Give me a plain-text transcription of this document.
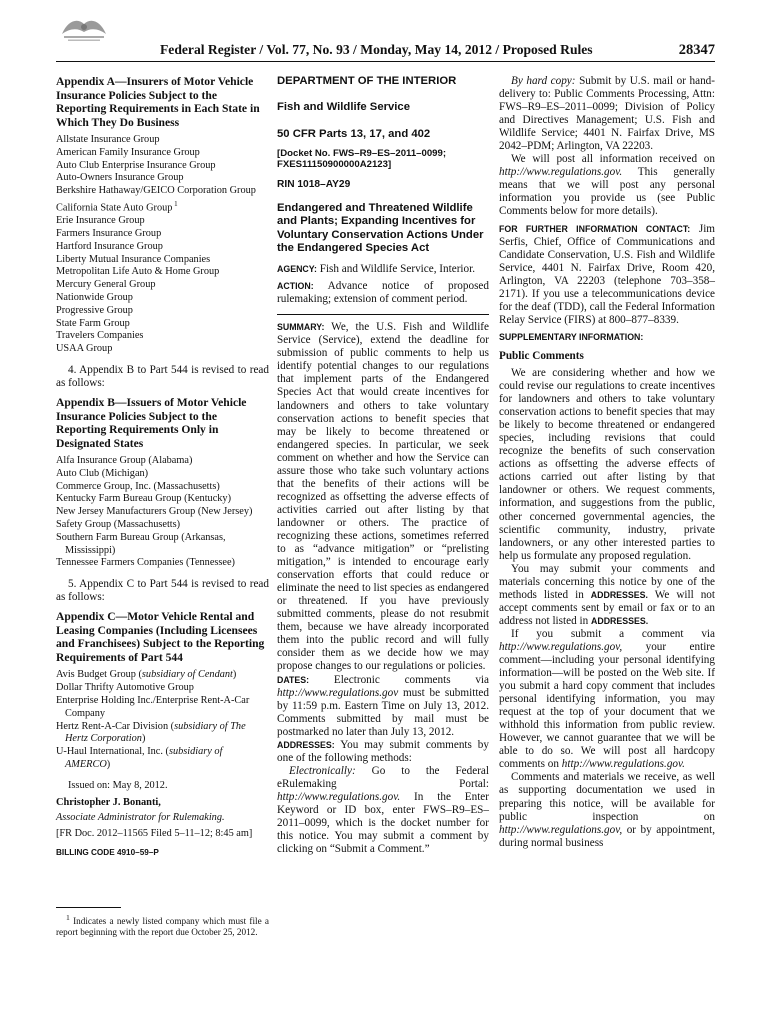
Federal Register / Vol. 77, No. 93 / Monday, May 14, 2012 / Proposed Rules	28347
Appendix A—Insurers of Motor Vehicle Insurance Policies Subject to the Reporting Requirements in Each State in Which They Do Business
Allstate Insurance Group
American Family Insurance Group
Auto Club Enterprise Insurance Group
Auto-Owners Insurance Group
Berkshire Hathaway/GEICO Corporation Group
California State Auto Group $^1$
Erie Insurance Group
Farmers Insurance Group
Hartford Insurance Group
Liberty Mutual Insurance Companies
Metropolitan Life Auto & Home Group
Mercury General Group
Nationwide Group
Progressive Group
State Farm Group
Travelers Companies
USAA Group

4. Appendix B to Part 544 is revised to read as follows:

Appendix B—Issuers of Motor Vehicle Insurance Policies Subject to the Reporting Requirements Only in Designated States
Alfa Insurance Group (Alabama)
Auto Club (Michigan)
Commerce Group, Inc. (Massachusetts)
Kentucky Farm Bureau Group (Kentucky)
New Jersey Manufacturers Group (New Jersey)
Safety Group (Massachusetts)
Southern Farm Bureau Group (Arkansas, Mississippi)
Tennessee Farmers Companies (Tennessee)

5. Appendix C to Part 544 is revised to read as follows:

Appendix C—Motor Vehicle Rental and Leasing Companies (Including Licensees and Franchisees) Subject to the Reporting Requirements of Part 544
Avis Budget Group (subsidiary of Cendant)
Dollar Thrifty Automotive Group
Enterprise Holding Inc./Enterprise Rent-A-Car Company
Hertz Rent-A-Car Division (subsidiary of The Hertz Corporation)
U-Haul International, Inc. (subsidiary of AMERCO)

Issued on: May 8, 2012.

Christopher J. Bonanti,
Associate Administrator for Rulemaking.
[FR Doc. 2012–11565 Filed 5–11–12; 8:45 am]
BILLING CODE 4910–59–P

$^1$ Indicates a newly listed company which must file a report beginning with the report due October 25, 2012.

DEPARTMENT OF THE INTERIOR
Fish and Wildlife Service
50 CFR Parts 13, 17, and 402
[Docket No. FWS–R9–ES–2011–0099; FXES11150900000A2123]
RIN 1018–AY29
Endangered and Threatened Wildlife and Plants; Expanding Incentives for Voluntary Conservation Actions Under the Endangered Species Act

AGENCY: Fish and Wildlife Service, Interior.

ACTION: Advance notice of proposed rulemaking; extension of comment period.

SUMMARY: We, the U.S. Fish and Wildlife Service (Service), extend the deadline for submission of public comments to help us identify potential changes to our regulations that implement parts of the Endangered Species Act that would create incentives for landowners and others to take voluntary conservation actions to benefit species that may be likely to become threatened or endangered species. In particular, we seek comment on whether and how the Service can assure those who take such voluntary actions that the benefits of their actions will be recognized as offsetting the adverse effects of activities carried out after listing by that landowner or others. The practice of recognizing these actions, sometimes referred to as “advance mitigation” or “prelisting mitigation,” is intended to encourage early conservation efforts that could reduce or eliminate the need to list species as endangered or threatened. If you have previously submitted comments, please do not resubmit them, because we have already incorporated them into the public record and will fully consider them as we decide how we may propose changes to our regulations or policies.

DATES: Electronic comments via http://www.regulations.gov must be submitted by 11:59 p.m. Eastern Time on July 13, 2012. Comments submitted by mail must be postmarked no later than July 13, 2012.

ADDRESSES: You may submit comments by one of the following methods:

Electronically: Go to the Federal eRulemaking Portal: http://www.regulations.gov. In the Enter Keyword or ID box, enter FWS–R9–ES–2011–0099, which is the docket number for this notice. You may submit a comment by clicking on “Submit a Comment.”

By hard copy: Submit by U.S. mail or hand-delivery to: Public Comments Processing, Attn: FWS–R9–ES–2011–0099; Division of Policy and Directives Management; U.S. Fish and Wildlife Service; 4401 N. Fairfax Drive, MS 2042–PDM; Arlington, VA 22203.

We will post all information received on http://www.regulations.gov. This generally means that we will post any personal information you provide us (see Public Comments below for more details).

FOR FURTHER INFORMATION CONTACT: Jim Serfis, Chief, Office of Communications and Candidate Conservation, U.S. Fish and Wildlife Service, 4401 N. Fairfax Drive, Room 420, Arlington, VA 22203 (telephone 703–358–2171). If you use a telecommunications device for the deaf (TDD), call the Federal Information Relay Service (FIRS) at 800–877–8339.

SUPPLEMENTARY INFORMATION:
Public Comments

We are considering whether and how we could revise our regulations to create incentives for landowners and others to take voluntary conservation actions to benefit species that may be likely to become threatened or endangered species, including revisions that could recognize the benefits of such conservation actions as offsetting the adverse effects of actions carried out after listing by that landowner or others. We request comments, information, and suggestions from the public, other concerned governmental agencies, the scientific community, industry, private landowners, or any other interested parties to help us formulate any proposed regulation.

You may submit your comments and materials concerning this notice by one of the methods listed in ADDRESSES. We will not accept comments sent by email or fax or to an address not listed in ADDRESSES.

If you submit a comment via http://www.regulations.gov, your entire comment—including your personal identifying information—will be posted on the Web site. If you submit a hard copy comment that includes personal identifying information, you may request at the top of your document that we withhold this information from public review. However, we cannot guarantee that we will be able to do so. We will post all hardcopy comments on http://www.regulations.gov.

Comments and materials we receive, as well as supporting documentation we used in preparing this notice, will be available for public inspection on http://www.regulations.gov, or by appointment, during normal business
